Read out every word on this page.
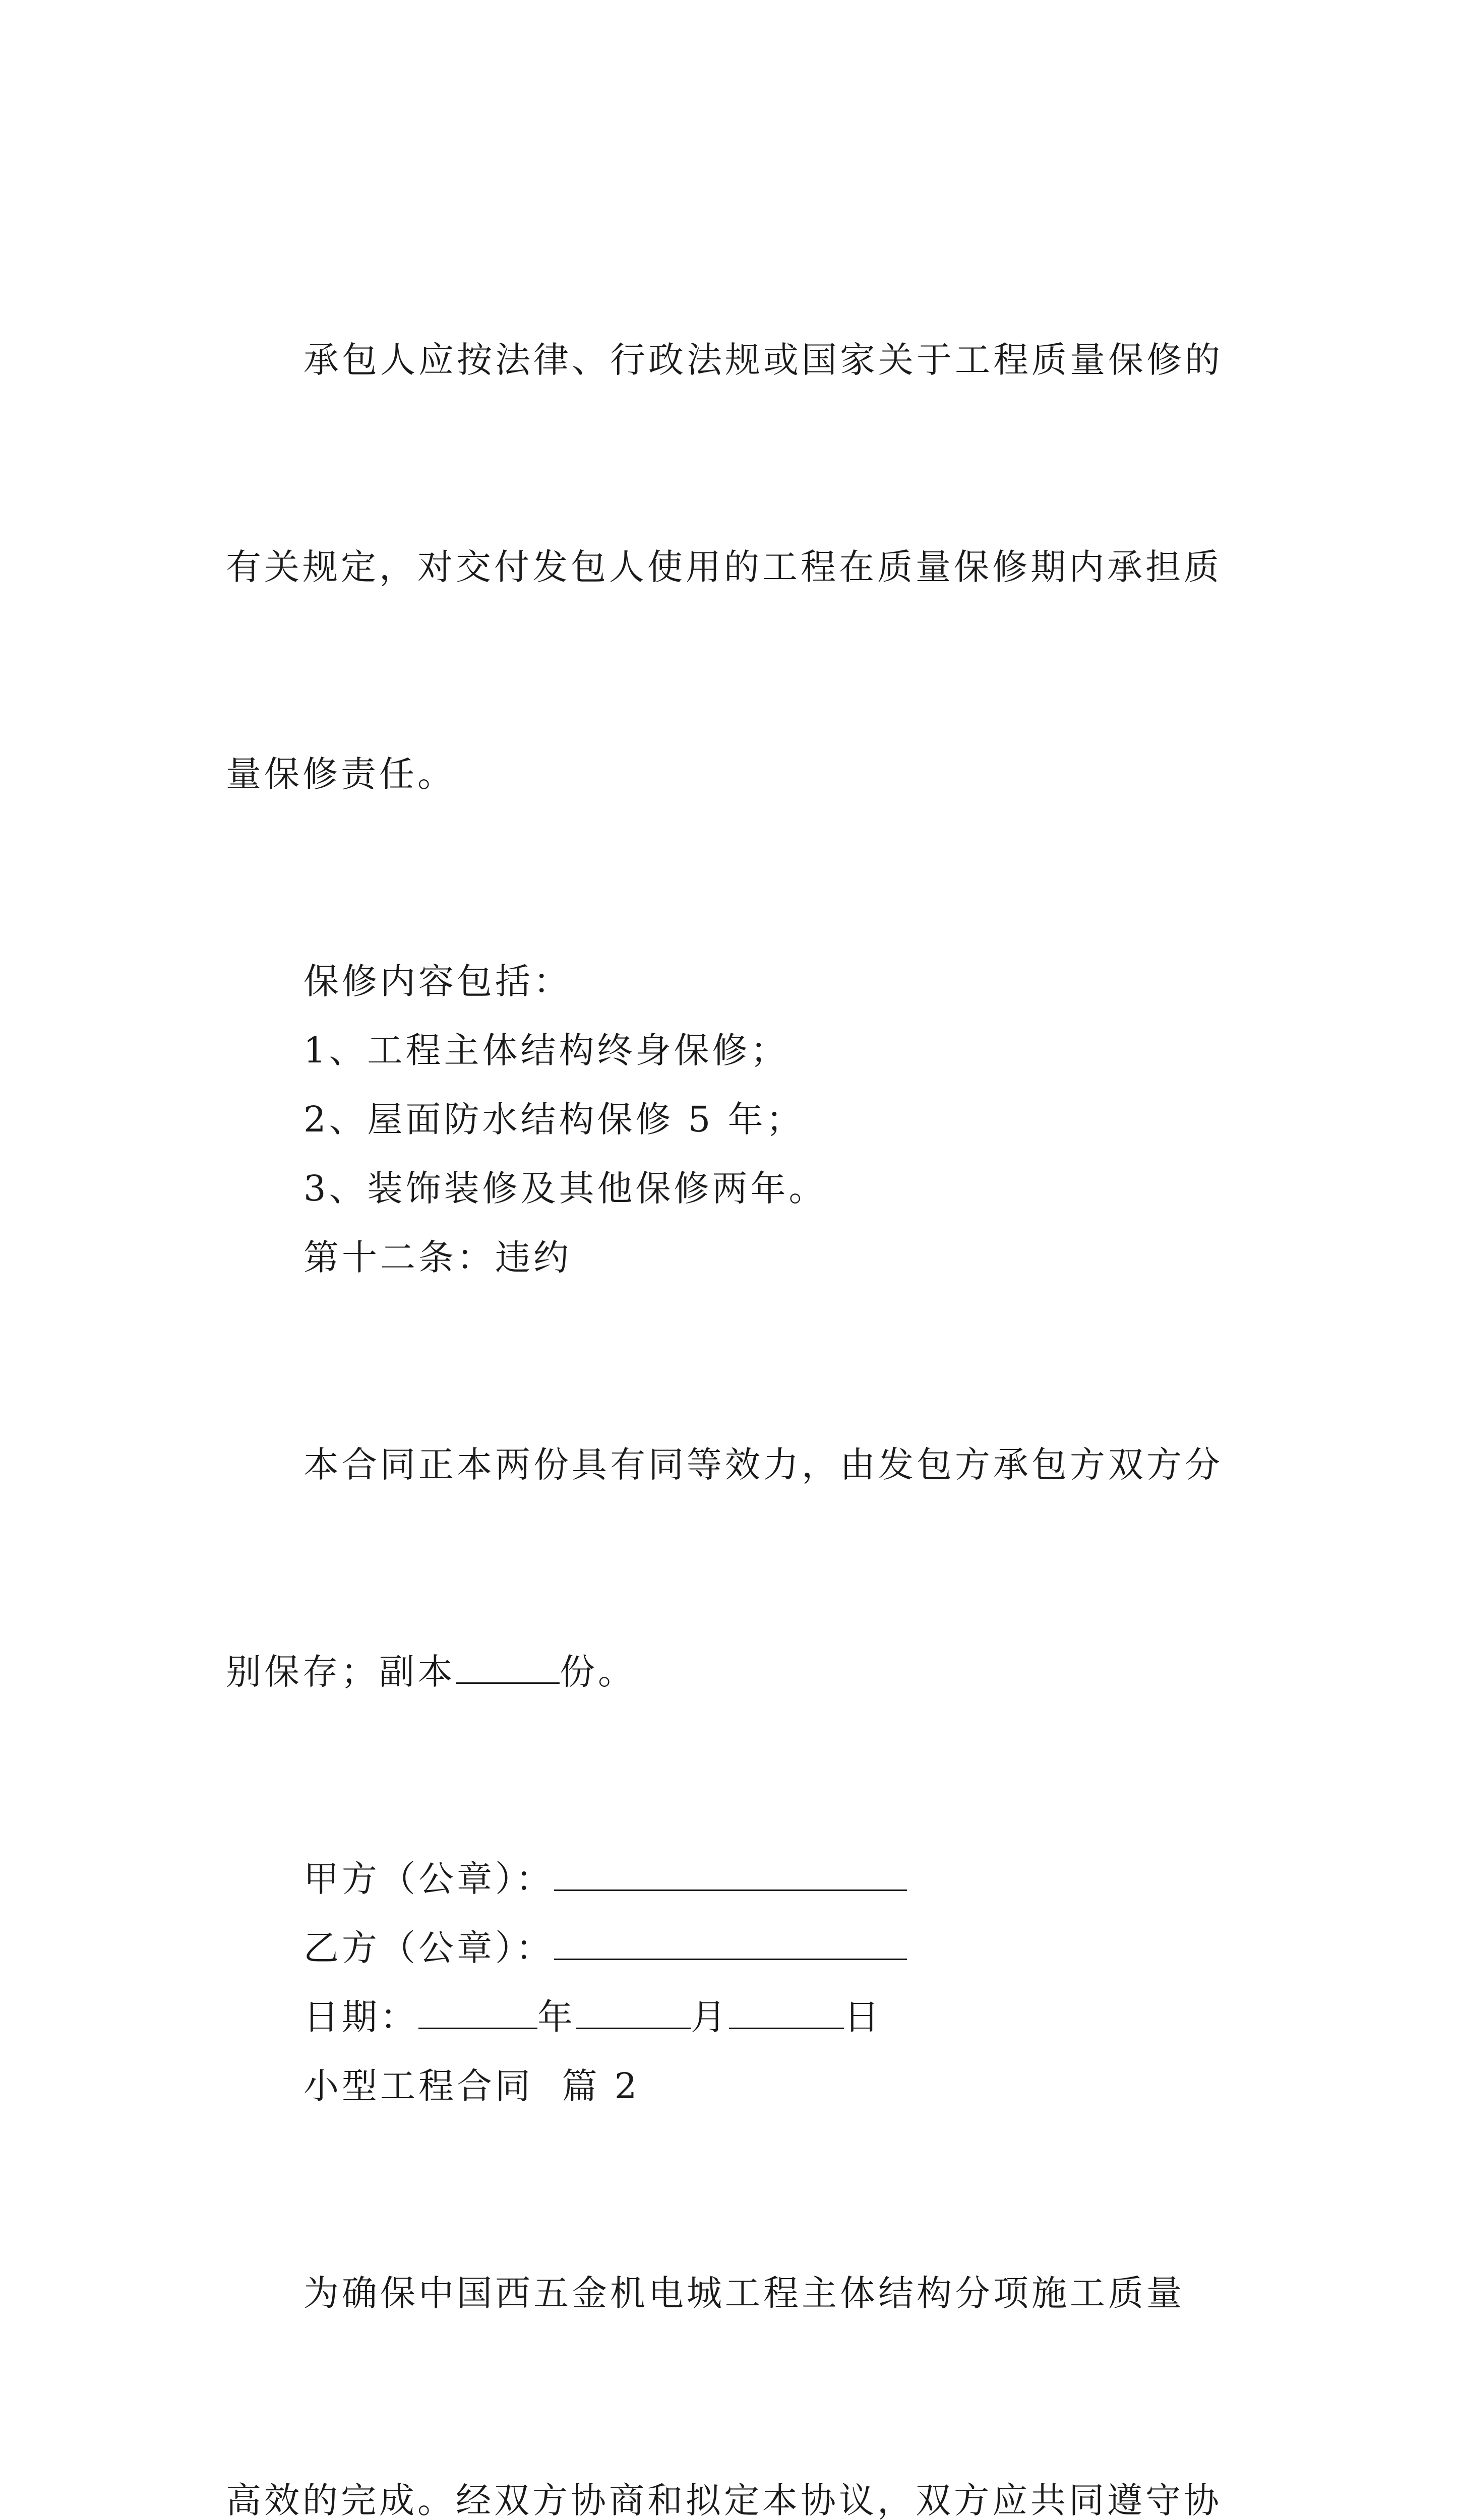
承包人应按法律、行政法规或国家关于工程质量保修的

有关规定，对交付发包人使用的工程在质量保修期内承担质

量保修责任。

保修内容包括：

1、工程主体结构终身保修；

2、屋面防水结构保修 5 年；

3、装饰装修及其他保修两年。

第十二条：违约

本合同正本两份具有同等效力，由发包方承包方双方分

别保存；副本	份。

甲方（公章）：

乙方（公章）：

日期：	年	月	日

小型工程合同  篇 2

为确保中国西五金机电城工程主体结构分项施工质量

高效的完成。经双方协商和拟定本协议，双方应共同遵守协
